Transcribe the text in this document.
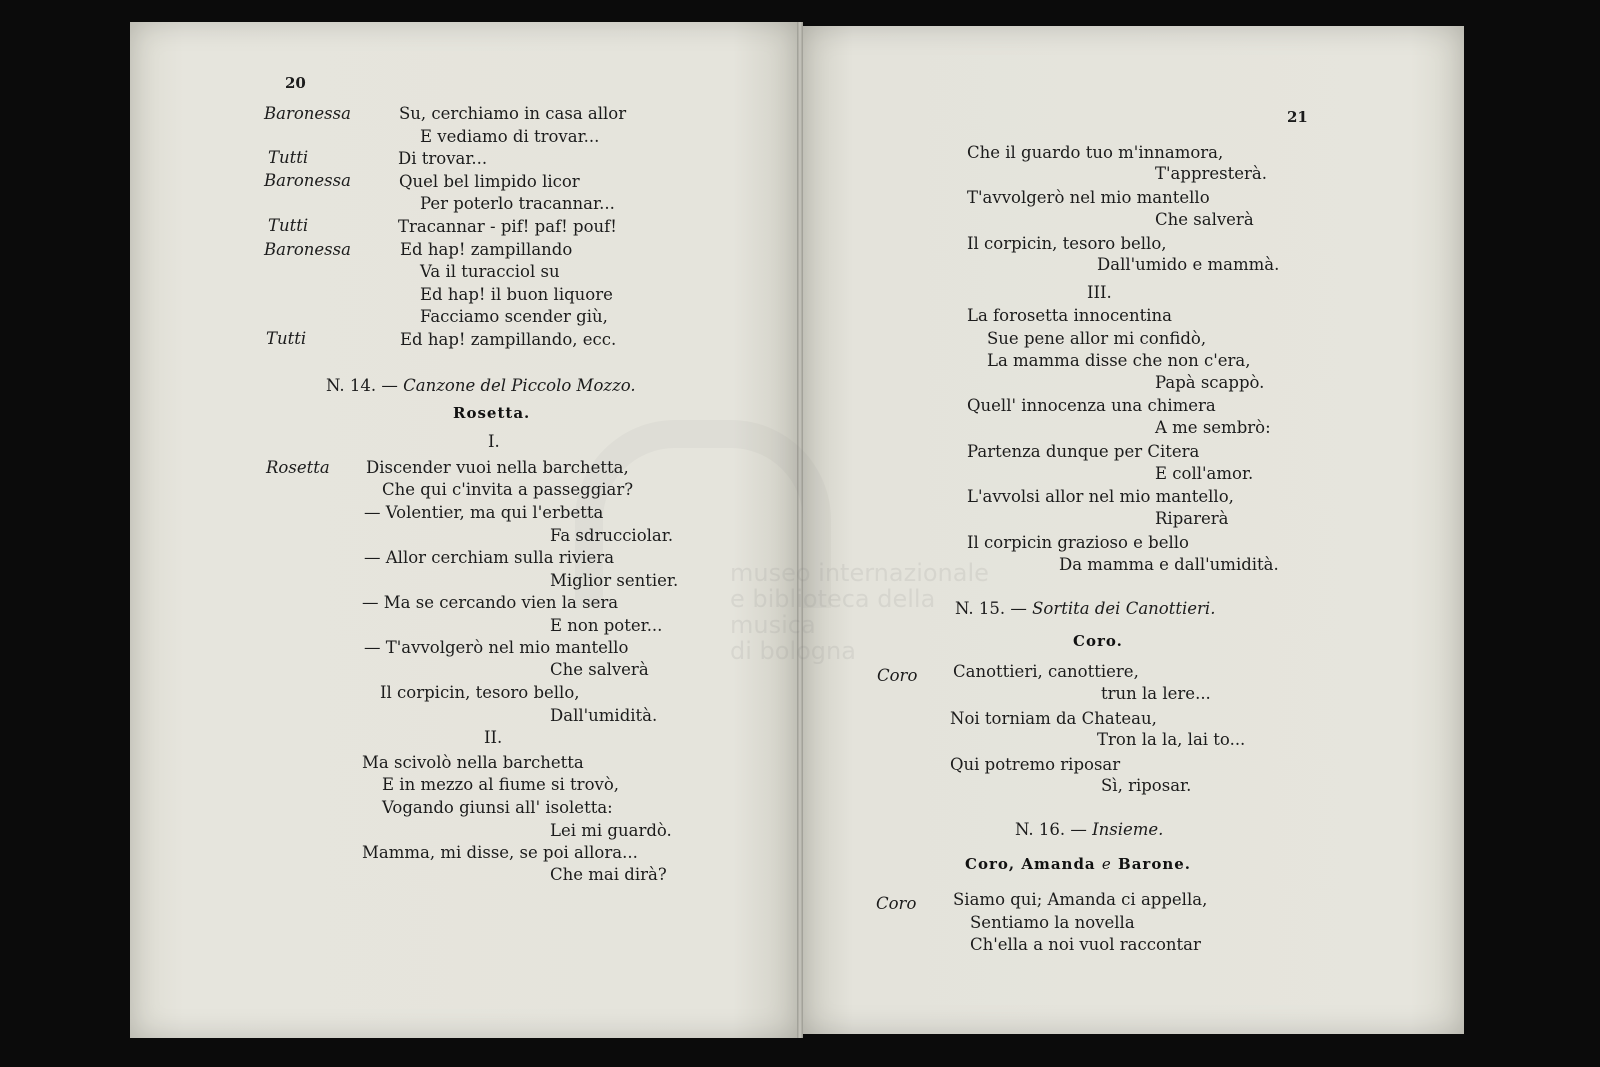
museo internazionale
e biblioteca della musica
di bologna
20
Baronessa
Tutti
Baronessa
Tutti
Baronessa
Tutti
Rosetta
Su, cerchiamo in casa allor
E vediamo di trovar...
Di trovar...
Quel bel limpido licor
Per poterlo tracannar...
Tracannar - pif! paf! pouf!
Ed hap! zampillando
Va il turacciol su
Ed hap! il buon liquore
Facciamo scender giù,
Ed hap! zampillando, ecc.
N. 14. — Canzone del Piccolo Mozzo.
Rosetta.
I.
Discender vuoi nella barchetta,
Che qui c'invita a passeggiar?
— Volentier, ma qui l'erbetta
Fa sdrucciolar.
— Allor cerchiam sulla riviera
Miglior sentier.
— Ma se cercando vien la sera
E non poter...
— T'avvolgerò nel mio mantello
Che salverà
Il corpicin, tesoro bello,
Dall'umidità.
II.
Ma scivolò nella barchetta
E in mezzo al fiume si trovò,
Vogando giunsi all' isoletta:
Lei mi guardò.
Mamma, mi disse, se poi allora...
Che mai dirà?
21
Che il guardo tuo m'innamora,
T'appresterà.
T'avvolgerò nel mio mantello
Che salverà
Il corpicin, tesoro bello,
Dall'umido e mammà.
III.
La forosetta innocentina
Sue pene allor mi confidò,
La mamma disse che non c'era,
Papà scappò.
Quell' innocenza una chimera
A me sembrò:
Partenza dunque per Citera
E coll'amor.
L'avvolsi allor nel mio mantello,
Riparerà
Il corpicin grazioso e bello
Da mamma e dall'umidità.
N. 15. — Sortita dei Canottieri.
Coro.
Coro Canottieri, canottiere,
trun la lere...
Noi torniam da Chateau,
Tron la la, lai to...
Qui potremo riposar
Sì, riposar.
N. 16. — Insieme.
Coro, Amanda e Barone.
Coro Siamo qui; Amanda ci appella,
Sentiamo la novella
Ch'ella a noi vuol raccontar
